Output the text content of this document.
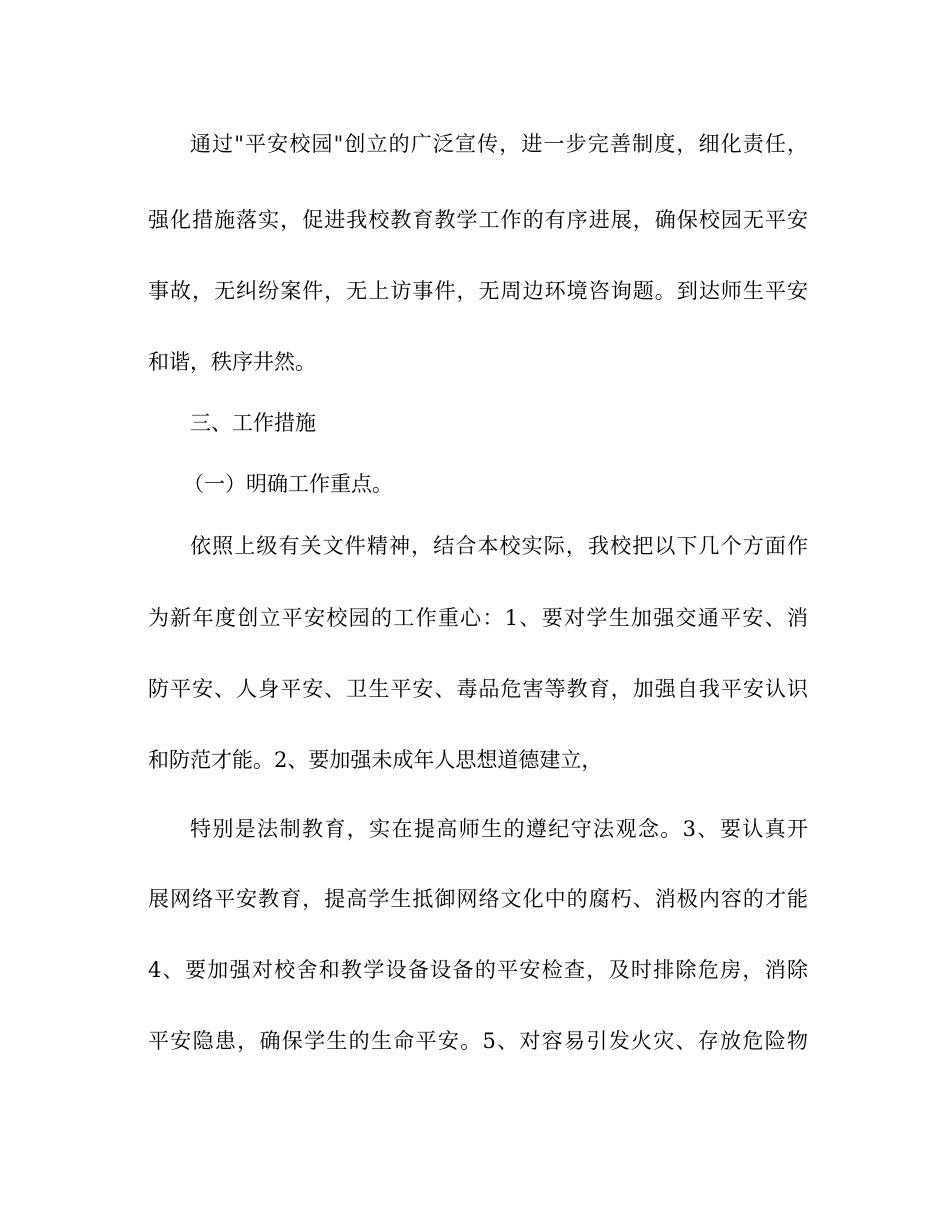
通过"平安校园"创立的广泛宣传，进一步完善制度，细化责任，
强化措施落实，促进我校教育教学工作的有序进展，确保校园无平安
事故，无纠纷案件，无上访事件，无周边环境咨询题。到达师生平安
和谐，秩序井然。
三、工作措施
（一）明确工作重点。
依照上级有关文件精神，结合本校实际，我校把以下几个方面作
为新年度创立平安校园的工作重心：1、要对学生加强交通平安、消
防平安、人身平安、卫生平安、毒品危害等教育，加强自我平安认识
和防范才能。2、要加强未成年人思想道德建立，
特别是法制教育，实在提高师生的遵纪守法观念。3、要认真开
展网络平安教育，提高学生抵御网络文化中的腐朽、消极内容的才能
4、要加强对校舍和教学设备设备的平安检查，及时排除危房，消除
平安隐患，确保学生的生命平安。5、对容易引发火灾、存放危险物
